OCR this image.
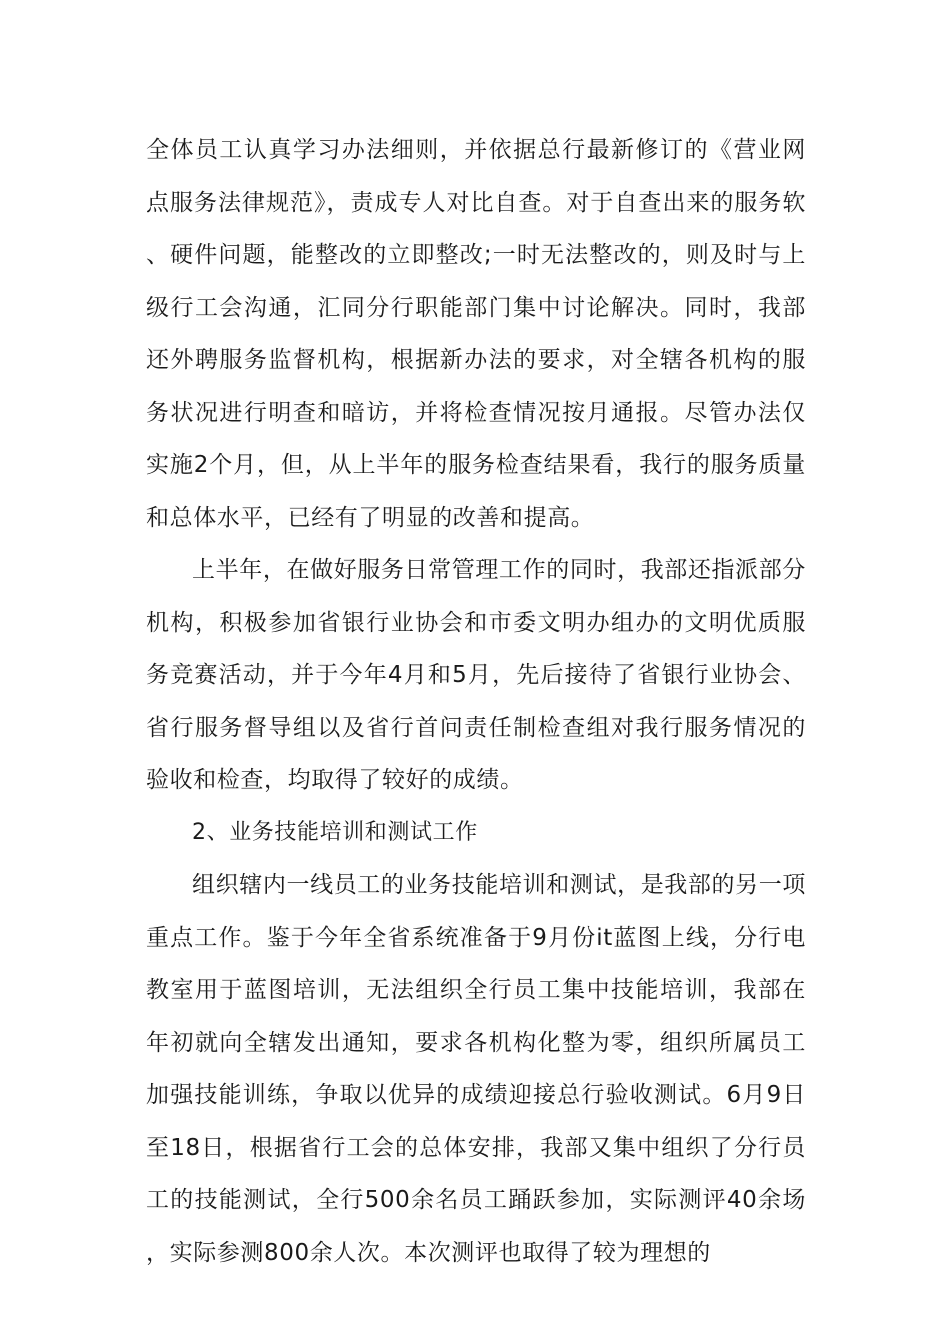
全体员工认真学习办法细则，并依据总行最新修订的《营业网点服务法律规范》，责成专人对比自查。对于自查出来的服务软、硬件问题，能整改的立即整改;一时无法整改的，则及时与上级行工会沟通，汇同分行职能部门集中讨论解决。同时，我部还外聘服务监督机构，根据新办法的要求，对全辖各机构的服务状况进行明查和暗访，并将检查情况按月通报。尽管办法仅实施2个月，但，从上半年的服务检查结果看，我行的服务质量和总体水平，已经有了明显的改善和提高。

上半年，在做好服务日常管理工作的同时，我部还指派部分机构，积极参加省银行业协会和市委文明办组办的文明优质服务竞赛活动，并于今年4月和5月，先后接待了省银行业协会、省行服务督导组以及省行首问责任制检查组对我行服务情况的验收和检查，均取得了较好的成绩。

2、业务技能培训和测试工作

组织辖内一线员工的业务技能培训和测试，是我部的另一项重点工作。鉴于今年全省系统准备于9月份it蓝图上线，分行电教室用于蓝图培训，无法组织全行员工集中技能培训，我部在年初就向全辖发出通知，要求各机构化整为零，组织所属员工加强技能训练，争取以优异的成绩迎接总行验收测试。6月9日至18日，根据省行工会的总体安排，我部又集中组织了分行员工的技能测试，全行500余名员工踊跃参加，实际测评40余场，实际参测800余人次。本次测评也取得了较为理想的
